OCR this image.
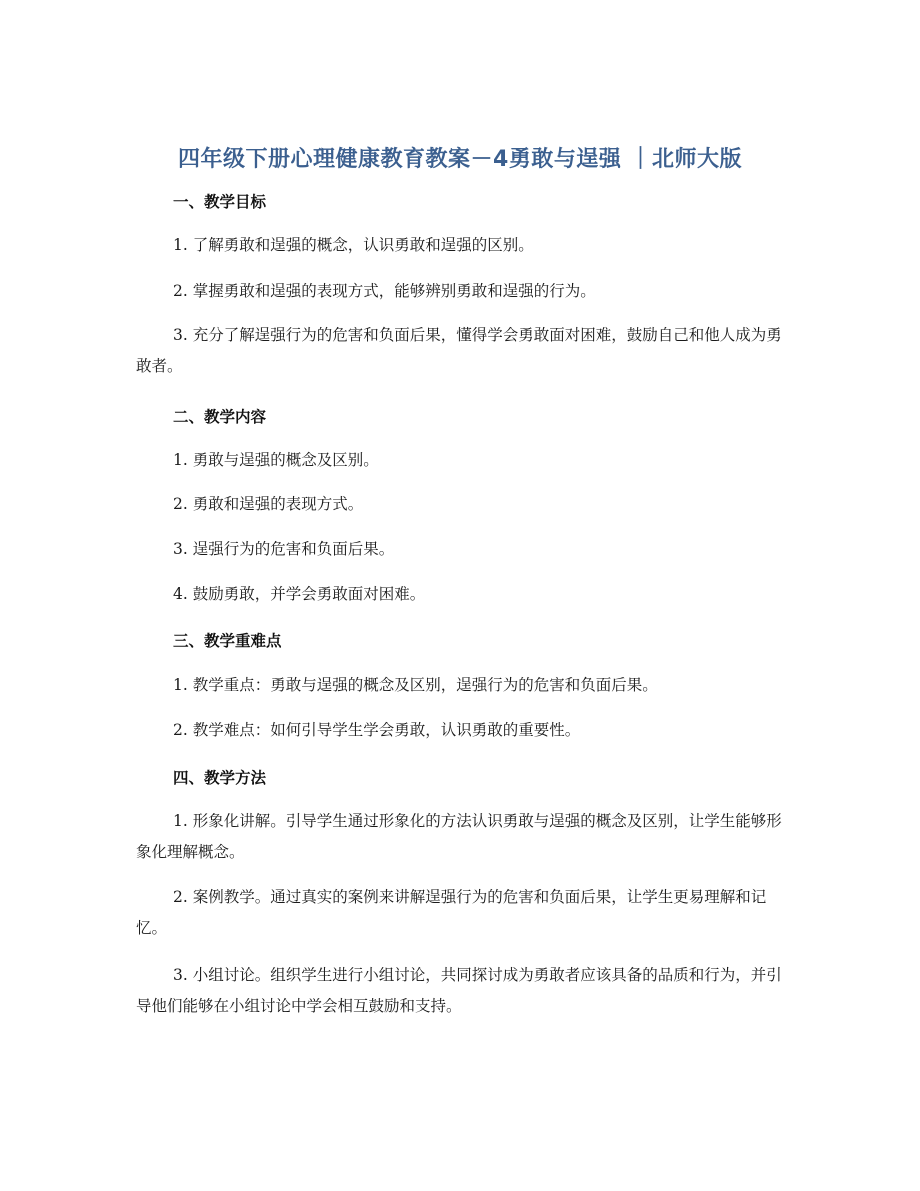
四年级下册心理健康教育教案－4勇敢与逞强 ｜北师大版
一、教学目标

1. 了解勇敢和逞强的概念，认识勇敢和逞强的区别。

2. 掌握勇敢和逞强的表现方式，能够辨别勇敢和逞强的行为。

3. 充分了解逞强行为的危害和负面后果，懂得学会勇敢面对困难，鼓励自己和他人成为勇敢者。

二、教学内容

1. 勇敢与逞强的概念及区别。

2. 勇敢和逞强的表现方式。

3. 逞强行为的危害和负面后果。

4. 鼓励勇敢，并学会勇敢面对困难。

三、教学重难点

1. 教学重点：勇敢与逞强的概念及区别，逞强行为的危害和负面后果。

2. 教学难点：如何引导学生学会勇敢，认识勇敢的重要性。

四、教学方法

1. 形象化讲解。引导学生通过形象化的方法认识勇敢与逞强的概念及区别，让学生能够形象化理解概念。

2. 案例教学。通过真实的案例来讲解逞强行为的危害和负面后果，让学生更易理解和记忆。

3. 小组讨论。组织学生进行小组讨论，共同探讨成为勇敢者应该具备的品质和行为，并引导他们能够在小组讨论中学会相互鼓励和支持。
